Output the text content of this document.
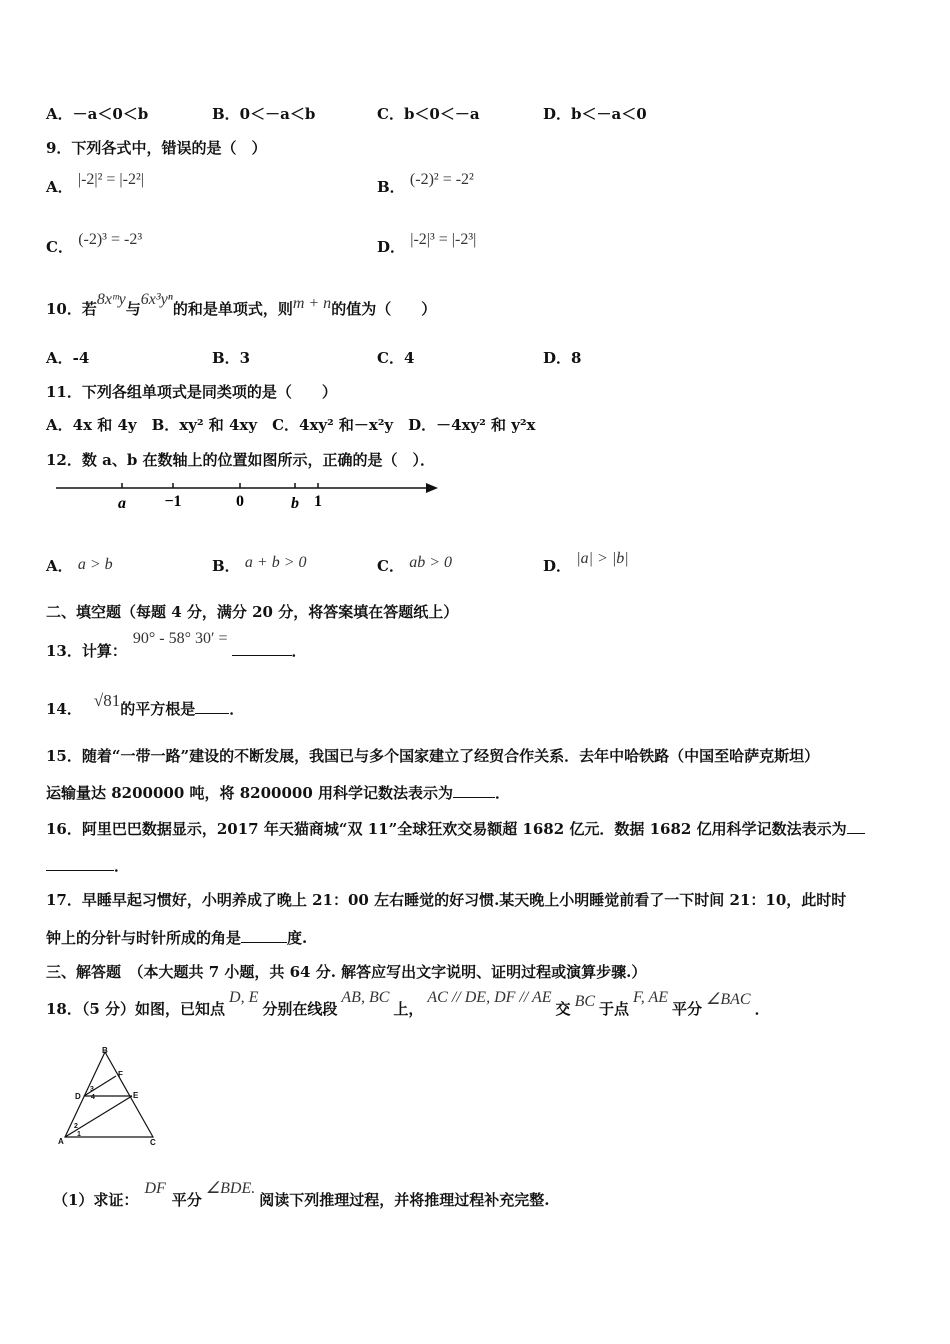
A．－a＜0＜b	B．0＜－a＜b	C．b＜0＜－a	D．b＜－a＜0
9．下列各式中，错误的是（　）
A． |-2|² = |-2²|	B． (-2)² = -2²
C． (-2)³ = -2³	D． |-2|³ = |-2³|
10．若8xᵐy与6x³yⁿ的和是单项式，则m + n的值为（　　）
A．-4	B．3	C．4	D．8
11．下列各组单项式是同类项的是（　　）
A．4x 和 4y　B．xy² 和 4xy　C．4xy² 和－x²y　D．－4xy² 和 y²x
12．数 a、b 在数轴上的位置如图所示，正确的是（　）．
a −1	0	b 1
A． a > b	B． a + b > 0	C． ab > 0	D． |a| > |b|
二、填空题（每题 4 分，满分 20 分，将答案填在答题纸上）
13．计算：90° - 58° 30′ =．
14． √81的平方根是 ．
15．随着“一带一路”建设的不断发展，我国已与多个国家建立了经贸合作关系．去年中哈铁路（中国至哈萨克斯坦）
运输量达 8200000 吨，将 8200000 用科学记数法表示为	．
16．阿里巴巴数据显示，2017 年天猫商城“双 11”全球狂欢交易额超 1682 亿元．数据 1682 亿用科学记数法表示为
．
17．早睡早起习惯好，小明养成了晚上 21：00 左右睡觉的好习惯.某天晚上小明睡觉前看了一下时间 21：10，此时时
钟上的分针与时针所成的角是	度.
三、解答题　（本大题共 7 小题，共 64 分. 解答应写出文字说明、证明过程或演算步骤.）
18．（5 分）如图，已知点D, E分别在线段AB, BC上，AC // DE, DF // AE交 BC 于点F, AE平分∠BAC．
B
F
D	E
A	C
3
4
1
2
（1）求证：DF平分∠BDE.阅读下列推理过程，并将推理过程补充完整.
